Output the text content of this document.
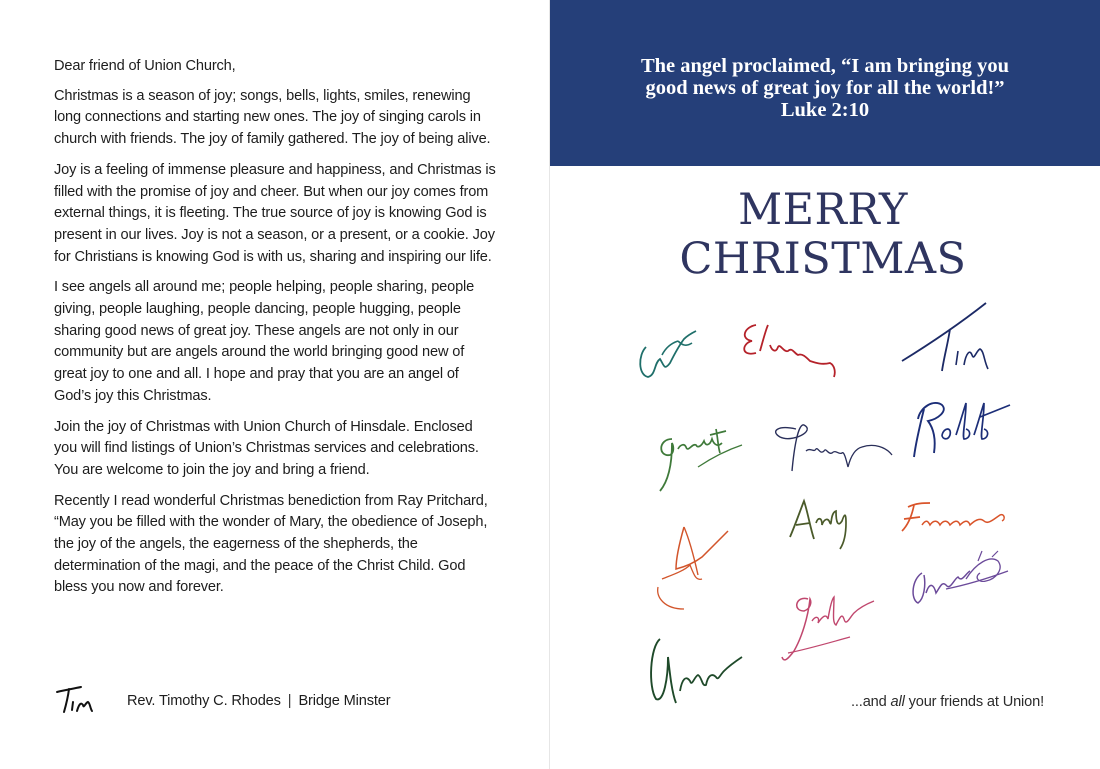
Dear friend of Union Church,

Christmas is a season of joy; songs, bells, lights, smiles, renewing long connections and starting new ones. The joy of singing carols in church with friends. The joy of family gathered. The joy of being alive.

Joy is a feeling of immense pleasure and happiness, and Christmas is filled with the promise of joy and cheer. But when our joy comes from external things, it is fleeting. The true source of joy is knowing God is present in our lives. Joy is not a season, or a present, or a cookie. Joy for Christians is knowing God is with us, sharing and inspiring our life.

I see angels all around me; people helping, people sharing, people giving, people laughing, people dancing, people hugging, people sharing good news of great joy. These angels are not only in our community but are angels around the world bringing good new of great joy to one and all. I hope and pray that you are an angel of God’s joy this Christmas.

Join the joy of Christmas with Union Church of Hinsdale. Enclosed you will find listings of Union’s Christmas services and celebrations. You are welcome to join the joy and bring a friend.

Recently I read wonderful Christmas benediction from Ray Pritchard, “May you be filled with the wonder of Mary, the obedience of Joseph, the joy of the angels, the eagerness of the shepherds, the determination of the magi, and the peace of the Christ Child. God bless you now and forever.

Rev. Timothy C. Rhodes | Bridge Minster
The angel proclaimed, “I am bringing you
good news of great joy for all the world!”
Luke 2:10
MERRY
CHRISTMAS
...and all your friends at Union!
